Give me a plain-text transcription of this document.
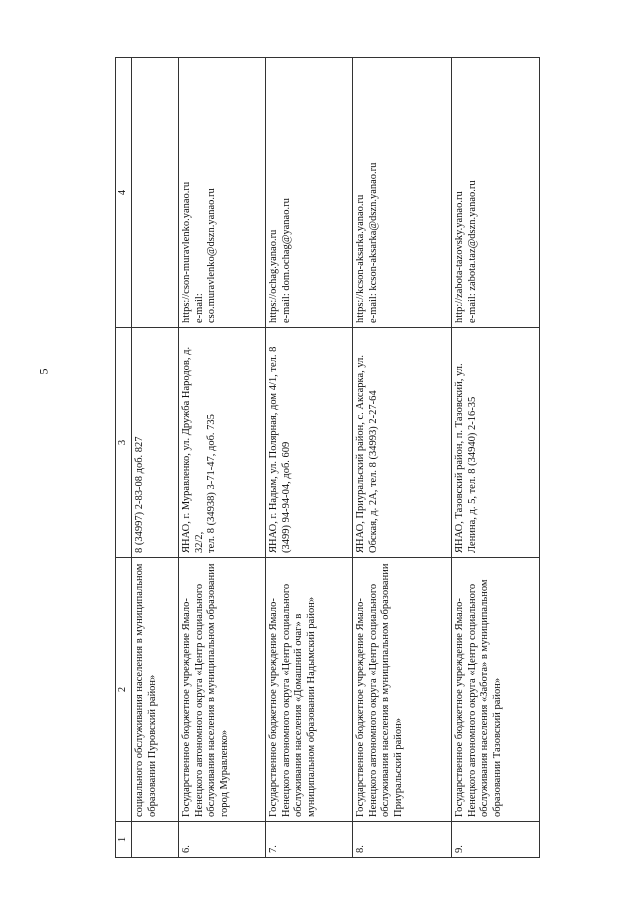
5
1	2	3	4
	социального обслуживания населения в муниципальном образовании Пуровский район»	8 (34997) 2-83-08 доб. 827	
6.	Государственное бюджетное учреждение Ямало-Ненецкого автономного округа «Центр социального обслуживания населения в муниципальном образовании город Муравленко»	ЯНАО, г. Муравленко, ул. Дружба Народов, д. 32/2,
тел. 8 (34938) 3-71-47, доб. 735	https://cson-muravlenko.yanao.ru
e-mail:
cso.muravlenko@dszn.yanao.ru
7.	Государственное бюджетное учреждение Ямало-Ненецкого автономного округа «Центр социального обслуживания населения «Домашний очаг» в муниципальном образовании Надымский район»	ЯНАО, г. Надым, ул. Полярная, дом 4/1, тел. 8 (3499) 94-94-04, доб. 609	https://ochag.yanao.ru
e-mail: dom.ochag@yanao.ru
8.	Государственное бюджетное учреждение Ямало-Ненецкого автономного округа «Центр социального обслуживания населения в муниципальном образовании Приуральский район»	ЯНАО, Приуральский район, с. Аксарка, ул. Обская, д. 2А, тел. 8 (34993) 2-27-64	https://kcson-aksarka.yanao.ru
e-mail: kcson-aksarka@dszn.yanao.ru
9.	Государственное бюджетное учреждение Ямало-Ненецкого автономного округа «Центр социального обслуживания населения «Забота» в муниципальном образовании Тазовский район»	ЯНАО, Тазовский район, п. Тазовский, ул. Ленина, д. 5, тел. 8 (34940) 2-16-35	http://zabota-tazovsky.yanao.ru
e-mail: zabota.taz@dszn.yanao.ru
